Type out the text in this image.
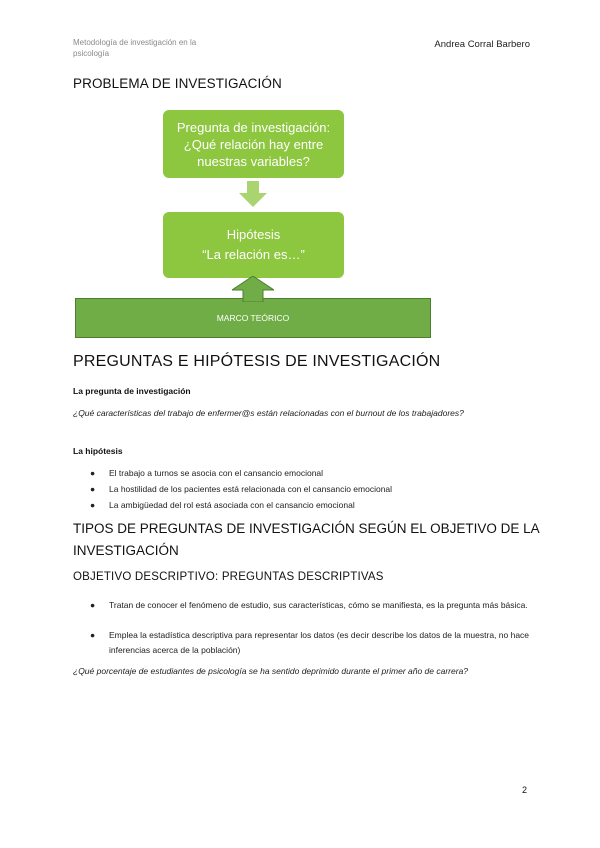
Metodología de investigación en la psicología
Andrea Corral Barbero
PROBLEMA DE INVESTIGACIÓN
Pregunta de investigación: ¿Qué relación hay entre nuestras variables?
Hipótesis
“La relación es…”
MARCO TEÓRICO
PREGUNTAS E HIPÓTESIS DE INVESTIGACIÓN
La pregunta de investigación
¿Qué características del trabajo de enfermer@s están relacionadas con el burnout de los trabajadores?
La hipótesis
● El trabajo a turnos se asocia con el cansancio emocional
● La hostilidad de los pacientes está relacionada con el cansancio emocional
● La ambigüedad del rol está asociada con el cansancio emocional
TIPOS DE PREGUNTAS DE INVESTIGACIÓN SEGÚN EL OBJETIVO DE LA INVESTIGACIÓN
OBJETIVO DESCRIPTIVO: PREGUNTAS DESCRIPTIVAS
● Tratan de conocer el fenómeno de estudio, sus características, cómo se manifiesta, es la pregunta más básica.
● Emplea la estadística descriptiva para representar los datos (es decir describe los datos de la muestra, no hace inferencias acerca de la población)
¿Qué porcentaje de estudiantes de psicología se ha sentido deprimido durante el primer año de carrera?
2
